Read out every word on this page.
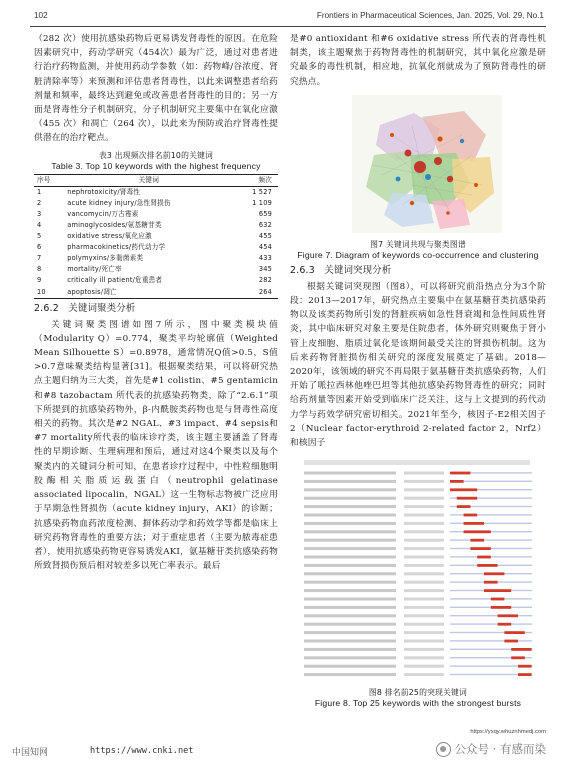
102	Frontiers in Pharmaceutical Sciences, Jan. 2025, Vol. 29, No.1

（282 次）使用抗感染药物后更易诱发肾毒性的原因。在危险因素研究中，药动学研究（454次）最为广泛，通过对患者进行治疗药物监测，并使用药动学参数（如：药物峰/谷浓度、肾脏清除率等）来预测和评估患者肾毒性，以此来调整患者给药剂量和频率，最终达到避免或改善患者肾毒性的目的；另一方面是肾毒性分子机制研究，分子机制研究主要集中在氧化应激（455 次）和凋亡（264 次），以此来为预防或治疗肾毒性提供潜在的治疗靶点。

表3 出现频次排名前10的关键词
Table 3. Top 10 keywords with the highest frequency
序号	关键词	频次
1	nephrotoxicity/肾毒性	1 527
2	acute kidney injury/急性肾损伤	1 109
3	vancomycin/万古霉素	659
4	aminoglycosides/氨基糖苷类	632
5	oxidative stress/氧化应激	455
6	pharmacokinetics/药代动力学	454
7	polymyxins/多黏菌素类	433
8	mortality/死亡率	345
9	critically ill patient/危重患者	282
10	apoptosis/凋亡	264
2.6.2　关键词聚类分析

关键词聚类图谱如图7所示，图中聚类模块值（Modularity Q）=0.774，聚类平均轮廓值（Weighted Mean Silhouette S）=0.8978，通常情况Q值>0.5，S值>0.7意味聚类结构显著[31]。根据聚类结果，可以将研究热点主题归纳为三大类，首先是#1 colistin、#5 gentamicin 和#8 tazobactam 所代表的抗感染药物类，除了“2.6.1”项下所提到的抗感染药物外，β-内酰胺类药物也是与肾毒性高度相关的药物。其次是#2 NGAL、#3 impact、#4 sepsis和#7 mortality所代表的临床诊疗类，该主题主要涵盖了肾毒性的早期诊断、生理病理和预后，通过对这4个聚类以及每个聚类内的关键词分析可知，在患者诊疗过程中，中性粒细胞明胶酶相关脂质运载蛋白（neutrophil gelatinase associated lipocalin，NGAL）这一生物标志物被广泛应用于早期急性肾损伤（acute kidney injury，AKI）的诊断；抗感染药物血药浓度检测、摒体药动学和药效学等都是临床上研究药物肾毒性的重要方法；对于重症患者（主要为脓毒症患者），使用抗感染药物更容易诱发AKI，氨基糖苷类抗感染药物所致肾损伤预后相对较差多以死亡率表示。最后

是#0 antioxidant 和#6 oxidative stress 所代表的肾毒性机制类，该主题聚焦于药物肾毒性的机制研究，其中氧化应激是研究最多的毒性机制，相应地，抗氧化剂就成为了预防肾毒性的研究热点。

图7 关键词共现与聚类图谱
Figure 7. Diagram of keywords co-occurrence and clustering
2.6.3　关键词突现分析

根据关键词突现图（图8），可以将研究前沿热点分为3个阶段：2013—2017年，研究热点主要集中在氨基糖苷类抗感染药物以及该类药物所引发的肾脏疾病如急性肾衰竭和急性间质性肾炎，其中临床研究对象主要是住院患者，体外研究则聚焦于肾小管上皮细胞、脂质过氧化是该期间最受关注的肾损伤机制。这为后来药物肾脏损伤相关研究的深度发展奠定了基础。2018—2020年，该领域的研究不再局限于氨基糖苷类抗感染药物，人们开始了哌拉西林他唑巴坦等其他抗感染药物肾毒性的研究；同时给药剂量等因素开始受到临床广泛关注，这与上文提到的药代动力学与药效学研究密切相关。2021年至今，核因子-E2相关因子2（Nuclear factor-erythroid 2-related factor 2，Nrf2）和核因子

图8 排名前25的突现关键词
Figure 8. Top 25 keywords with the strongest bursts
https://yxqy.whuznhmedj.com
中国知网	https://www.cnki.net	公众号 · 有感而染
